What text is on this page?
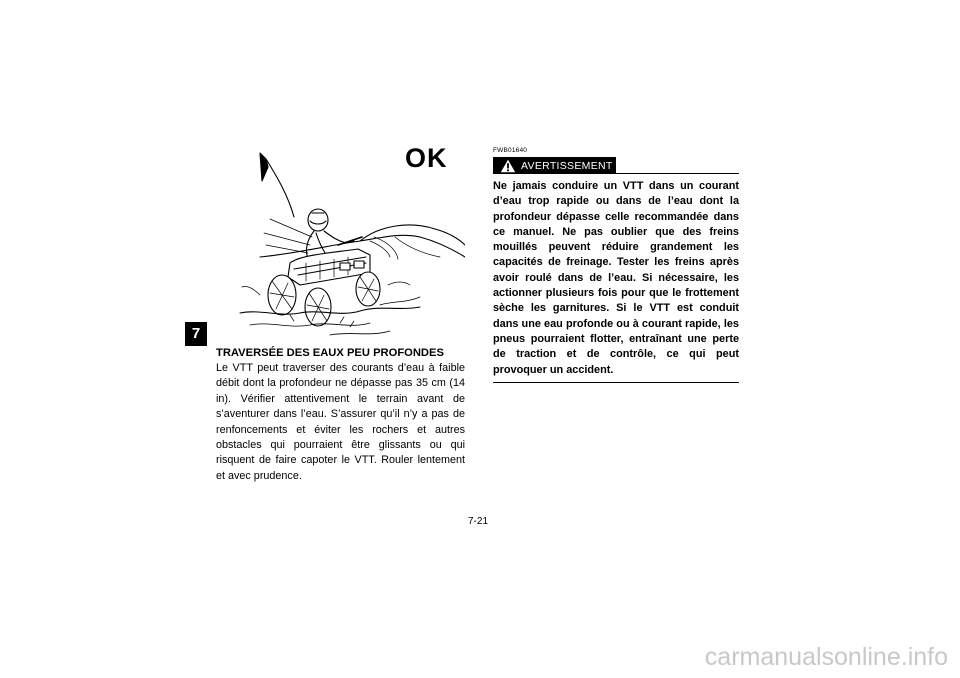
7
OK

TRAVERSÉE DES EAUX PEU PROFONDES

Le VTT peut traverser des courants d’eau à faible débit dont la profondeur ne dépasse pas 35 cm (14 in). Vérifier attentivement le terrain avant de s’aventurer dans l’eau. S’assurer qu’il n’y a pas de renfoncements et éviter les rochers et autres obstacles qui pourraient être glissants ou qui risquent de faire capoter le VTT. Rouler lentement et avec prudence.

FWB01640

AVERTISSEMENT

Ne jamais conduire un VTT dans un courant d’eau trop rapide ou dans de l’eau dont la profondeur dépasse celle recommandée dans ce manuel. Ne pas oublier que des freins mouillés peuvent réduire grandement les capacités de freinage. Tester les freins après avoir roulé dans de l’eau. Si nécessaire, les actionner plusieurs fois pour que le frottement sèche les garnitures. Si le VTT est conduit dans une eau profonde ou à courant rapide, les pneus pourraient flotter, entraînant une perte de traction et de contrôle, ce qui peut provoquer un accident.

7-21
carmanualsonline.info
